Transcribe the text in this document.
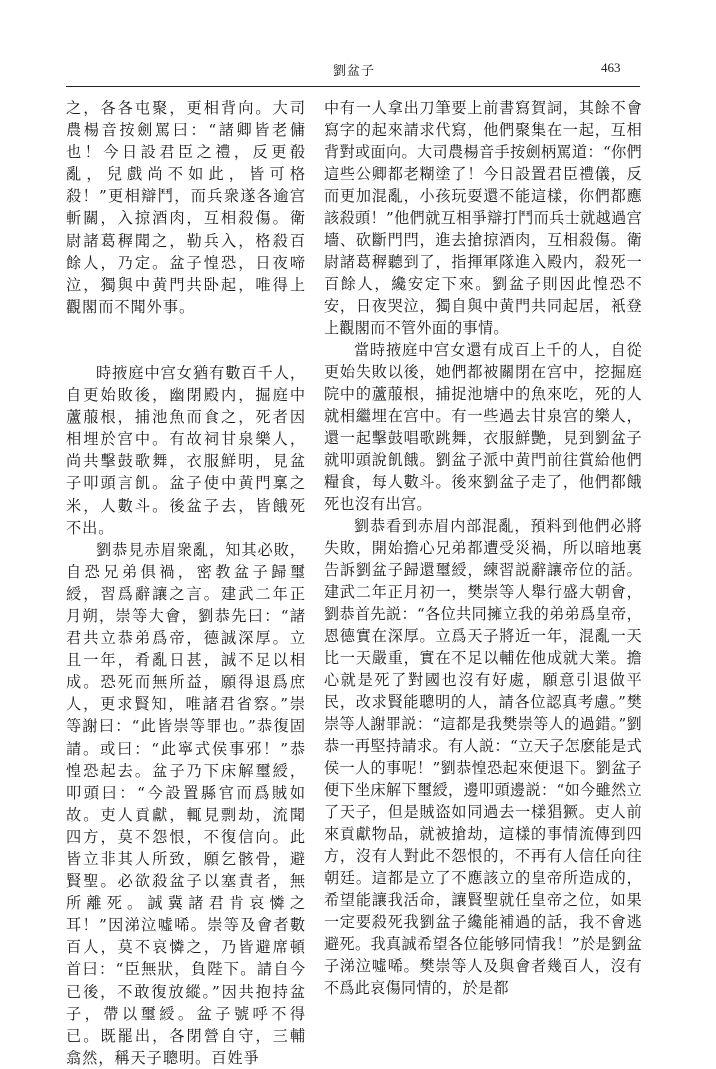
劉盆子	463

之，各各屯聚，更相背向。大司農楊音按劍罵曰：“諸卿皆老傭也！今日設君臣之禮，反更殽亂，兒戲尚不如此，皆可格殺！”更相辯鬥，而兵衆遂各逾宫斬關，入掠酒肉，互相殺傷。衛尉諸葛稺聞之，勒兵入，格殺百餘人，乃定。盆子惶恐，日夜啼泣，獨與中黄門共卧起，唯得上觀閣而不聞外事。

時掖庭中宫女猶有數百千人，自更始敗後，幽閉殿内，掘庭中蘆菔根，捕池魚而食之，死者因相埋於宫中。有故祠甘泉樂人，尚共擊鼓歌舞，衣服鮮明，見盆子叩頭言飢。盆子使中黄門稟之米，人數斗。後盆子去，皆餓死不出。

劉恭見赤眉衆亂，知其必敗，自恐兄弟俱禍，密教盆子歸璽綬，習爲辭讓之言。建武二年正月朔，崇等大會，劉恭先曰：“諸君共立恭弟爲帝，德誠深厚。立且一年，肴亂日甚，誠不足以相成。恐死而無所益，願得退爲庶人，更求賢知，唯諸君省察。”崇等謝曰：“此皆崇等罪也。”恭復固請。或曰：“此寧式侯事邪！”恭惶恐起去。盆子乃下床解璽綬，叩頭曰：“今設置縣官而爲賊如故。吏人貢獻，輒見剽劫，流聞四方，莫不怨恨，不復信向。此皆立非其人所致，願乞骸骨，避賢聖。必欲殺盆子以塞責者，無所離死。誠冀諸君肯哀憐之耳！”因涕泣噓唏。崇等及會者數百人，莫不哀憐之，乃皆避席頓首曰：“臣無狀，負陛下。請自今已後，不敢復放縱。”因共抱持盆子，帶以璽綬。盆子號呼不得已。既罷出，各閉營自守，三輔翕然，稱天子聰明。百姓爭

中有一人拿出刀筆要上前書寫賀詞，其餘不會寫字的起來請求代寫，他們聚集在一起，互相背對或面向。大司農楊音手按劍柄罵道：“你們這些公卿都老糊塗了！今日設置君臣禮儀，反而更加混亂，小孩玩耍還不能這樣，你們都應該殺頭！”他們就互相爭辯打鬥而兵士就越過宫墻、砍斷門閂，進去搶掠酒肉，互相殺傷。衛尉諸葛稺聽到了，指揮軍隊進入殿内，殺死一百餘人，纔安定下來。劉盆子則因此惶恐不安，日夜哭泣，獨自與中黄門共同起居，衹登上觀閣而不管外面的事情。

當時掖庭中宫女還有成百上千的人，自從更始失敗以後，她們都被關閉在宫中，挖掘庭院中的蘆菔根，捕捉池塘中的魚來吃，死的人就相繼埋在宫中。有一些過去甘泉宫的樂人，還一起擊鼓唱歌跳舞，衣服鮮艷，見到劉盆子就叩頭說飢餓。劉盆子派中黄門前往賞給他們糧食，每人數斗。後來劉盆子走了，他們都餓死也沒有出宫。

劉恭看到赤眉内部混亂，預料到他們必將失敗，開始擔心兄弟都遭受災禍，所以暗地裏告訴劉盆子歸還璽綬，練習説辭讓帝位的話。建武二年正月初一，樊崇等人舉行盛大朝會，劉恭首先説：“各位共同擁立我的弟弟爲皇帝，恩德實在深厚。立爲天子將近一年，混亂一天比一天嚴重，實在不足以輔佐他成就大業。擔心就是死了對國也沒有好處，願意引退做平民，改求賢能聰明的人，請各位認真考慮。”樊崇等人謝罪説：“這都是我樊崇等人的過錯。”劉恭一再堅持請求。有人説：“立天子怎麽能是式侯一人的事呢！”劉恭惶恐起來便退下。劉盆子便下坐床解下璽綬，邊叩頭邊説：“如今雖然立了天子，但是賊盗如同過去一樣猖獗。吏人前來貢獻物品，就被搶劫，這樣的事情流傳到四方，沒有人對此不怨恨的，不再有人信任向往朝廷。這都是立了不應該立的皇帝所造成的，希望能讓我活命，讓賢聖就任皇帝之位，如果一定要殺死我劉盆子纔能補過的話，我不會逃避死。我真誠希望各位能够同情我！”於是劉盆子涕泣噓唏。樊崇等人及與會者幾百人，沒有不爲此哀傷同情的，於是都
